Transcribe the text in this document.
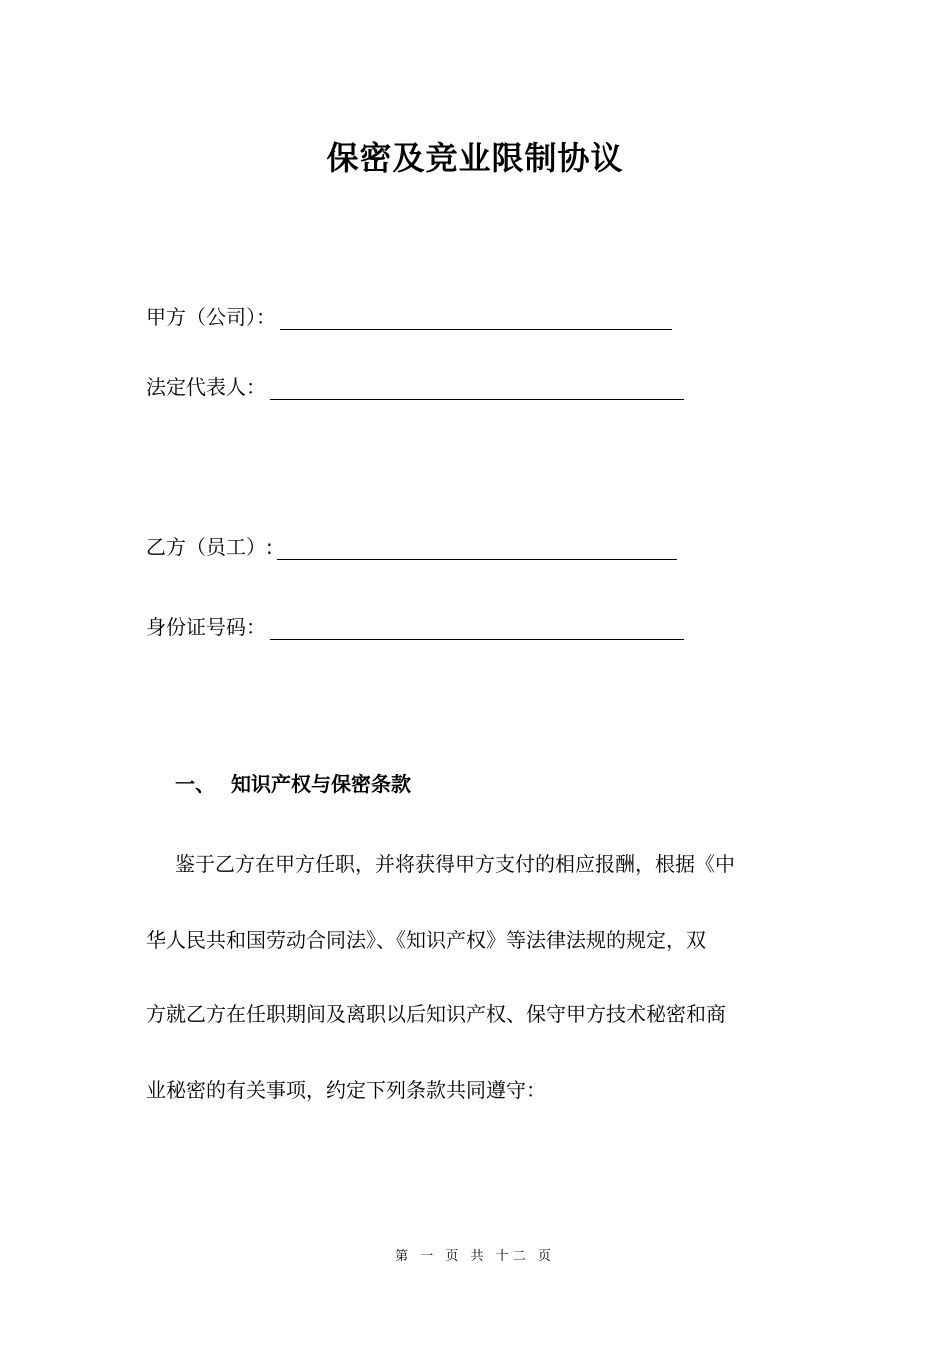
保密及竞业限制协议
甲方（公司）：
法定代表人：
乙方（员工）:
身份证号码：
一、 知识产权与保密条款
鉴于乙方在甲方任职，并将获得甲方支付的相应报酬，根据《中
华人民共和国劳动合同法》、《知识产权》等法律法规的规定，双
方就乙方在任职期间及离职以后知识产权、保守甲方技术秘密和商
业秘密的有关事项，约定下列条款共同遵守：
第 一 页 共 十二 页
